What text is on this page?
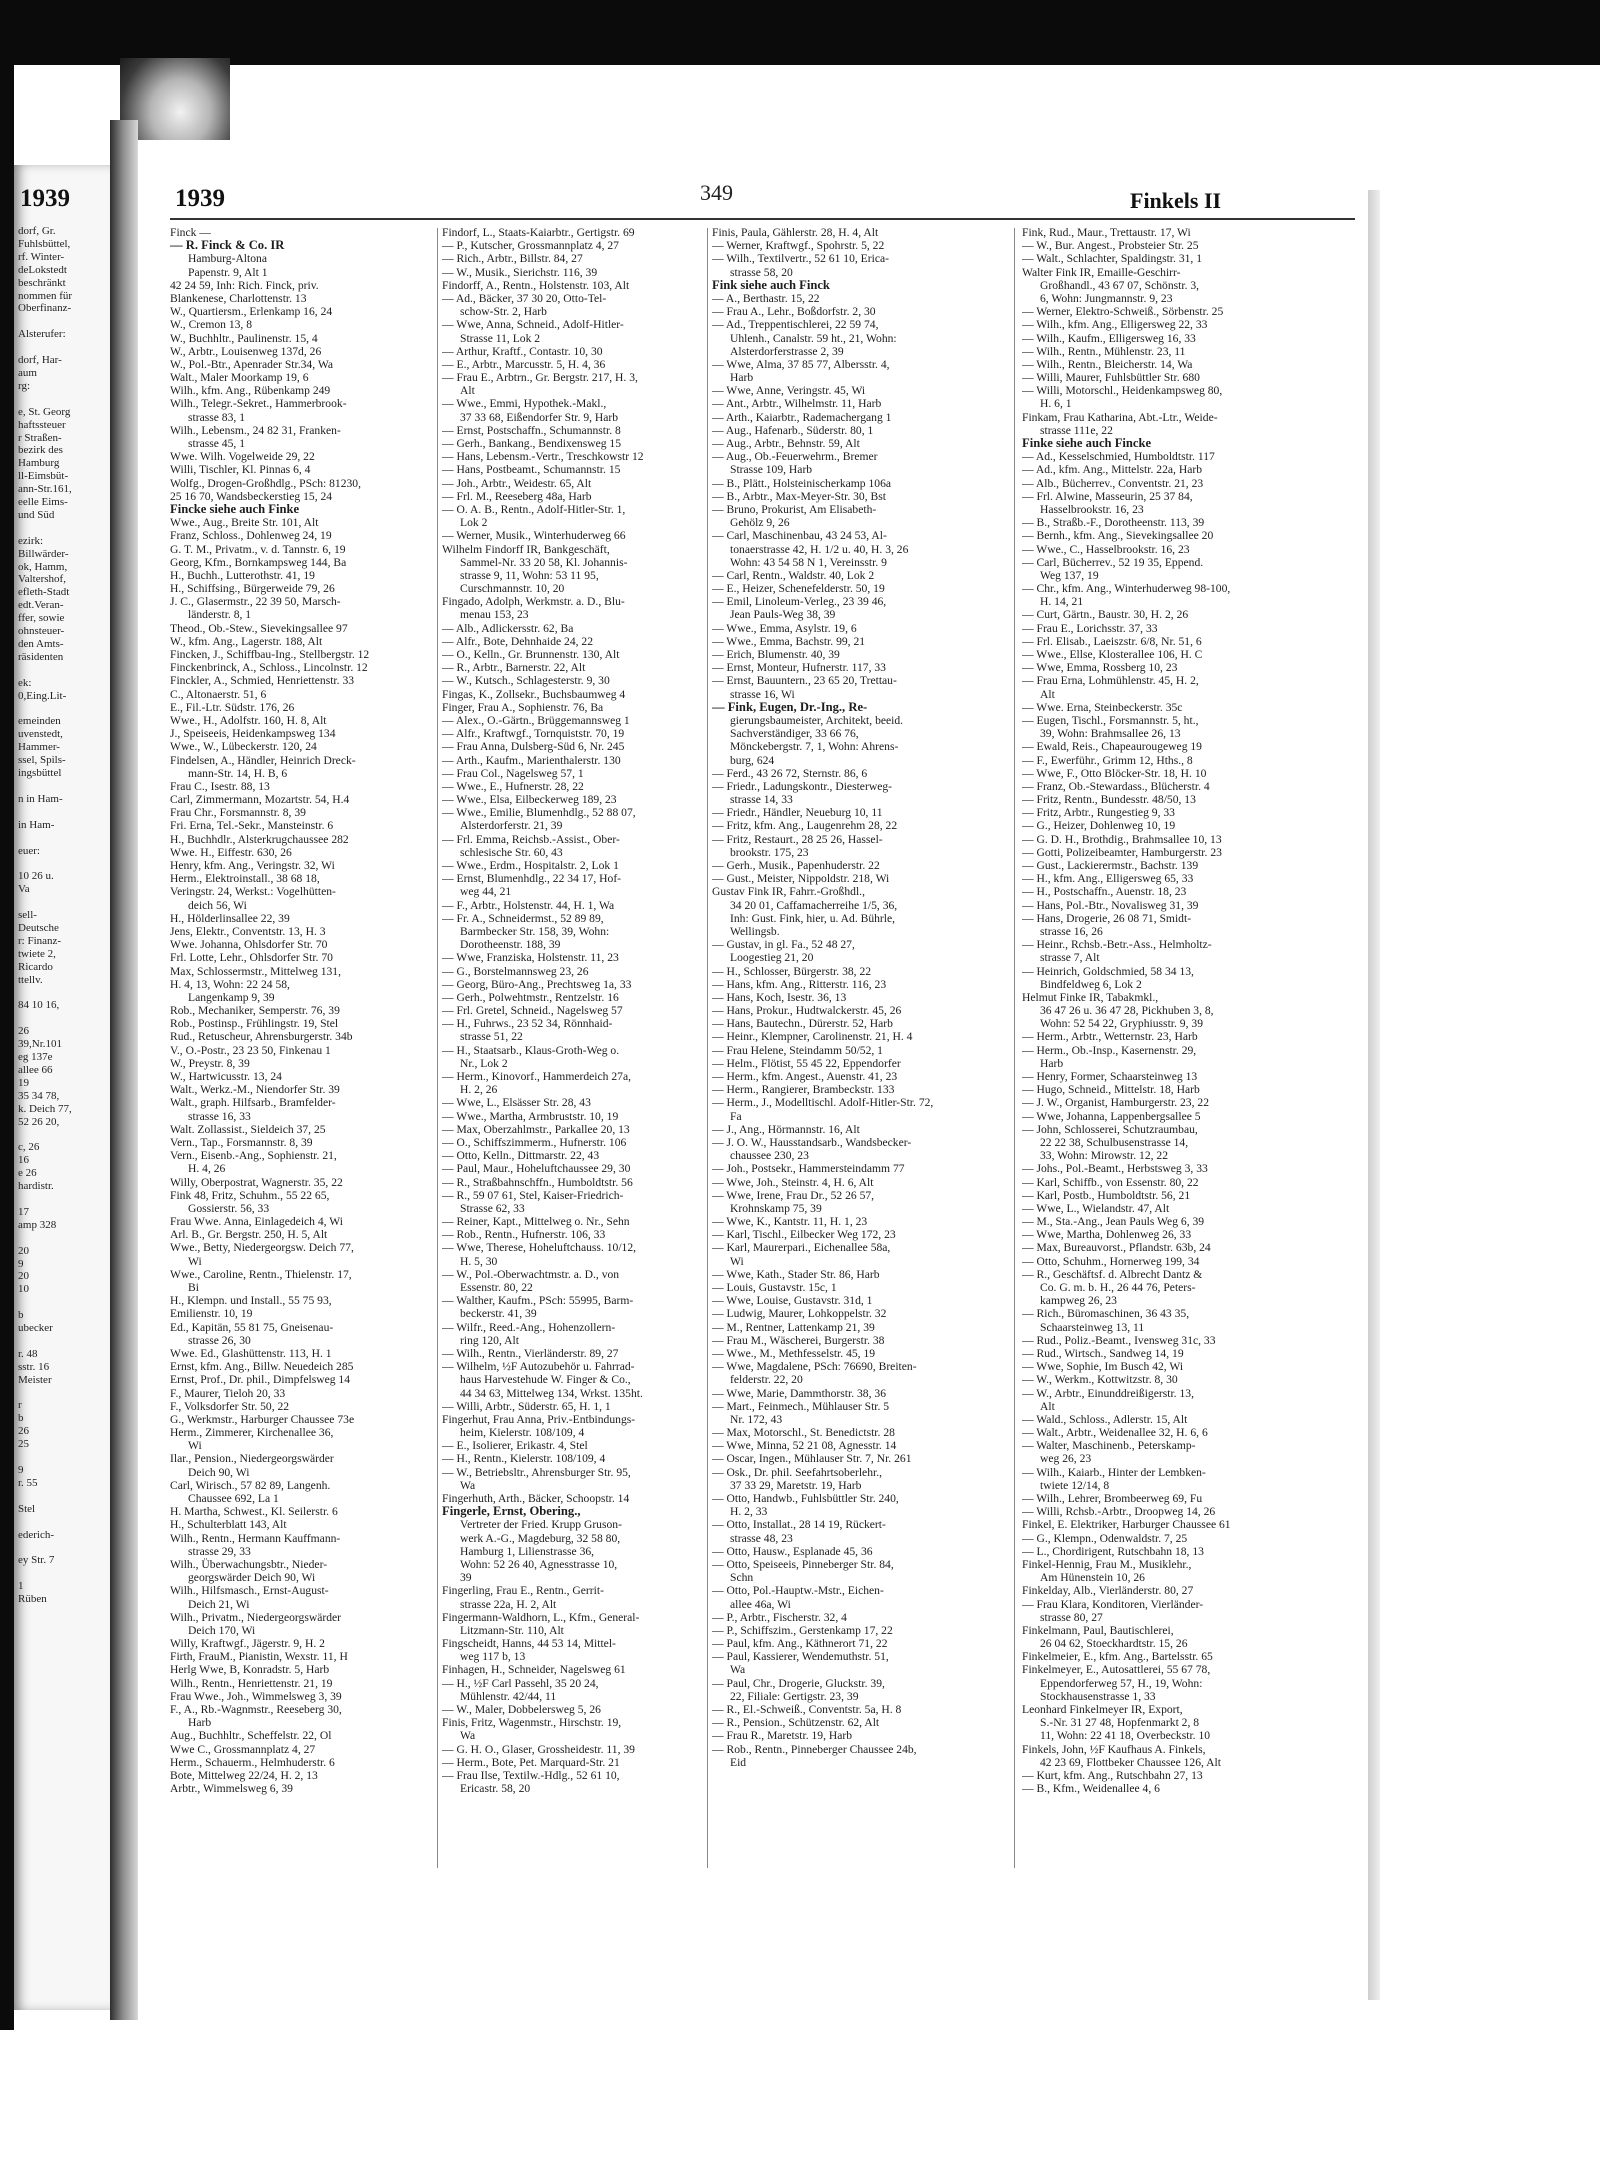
1939
dorf, Gr.
Fuhlsbüttel,
rf. Winter-
deLokstedt
beschränkt
nommen für
Oberfinanz-

Alsterufer:

dorf, Har-
aum
rg:

e, St. Georg
haftssteuer
r Straßen-
bezirk des
Hamburg
ll-Eimsbüt-
ann-Str.161,
eelle Eims-
und Süd

ezirk:
Billwärder-
ok, Hamm,
Valtershof,
efleth-Stadt
edt.Veran-
ffer, sowie
ohnsteuer-
den Amts-
räsidenten

ek:
0,Eing.Lit-

emeinden
uvenstedt,
Hammer-
ssel, Spils-
ingsbüttel

n in Ham-

in Ham-

euer:

10 26 u.
Va

sell-
Deutsche
r: Finanz-
twiete 2,
Ricardo
ttellv.

84 10 16,

26
39,Nr.101
eg 137e
allee 66
19
35 34 78,
k. Deich 77,
52 26 20,

c, 26
16
e 26
hardistr.

17
amp 328

20
9
20
10

b
ubecker

r. 48
sstr. 16
Meister

r
b
26
25

9
r. 55

Stel

ederich-

ey Str. 7

1
Rüben
1939	349	Finkels II
Finck —
— R. Finck & Co. IR
Hamburg-Altona
Papenstr. 9, Alt 1
42 24 59, Inh: Rich. Finck, priv.
Blankenese, Charlottenstr. 13
W., Quartiersm., Erlenkamp 16, 24
W., Cremon 13, 8
W., Buchhltr., Paulinenstr. 15, 4
W., Arbtr., Louisenweg 137d, 26
W., Pol.-Btr., Apenrader Str.34, Wa
Walt., Maler Moorkamp 19, 6
Wilh., kfm. Ang., Rübenkamp 249
Wilh., Telegr.-Sekret., Hammerbrook-
strasse 83, 1
Wilh., Lebensm., 24 82 31, Franken-
strasse 45, 1
Wwe. Wilh. Vogelweide 29, 22
Willi, Tischler, Kl. Pinnas 6, 4
Wolfg., Drogen-Großhdlg., PSch: 81230,
25 16 70, Wandsbeckerstieg 15, 24
Fincke siehe auch Finke
Wwe., Aug., Breite Str. 101, Alt
Franz, Schloss., Dohlenweg 24, 19
G. T. M., Privatm., v. d. Tannstr. 6, 19
Georg, Kfm., Bornkampsweg 144, Ba
H., Buchh., Lutterothstr. 41, 19
H., Schiffsing., Bürgerweide 79, 26
J. C., Glasermstr., 22 39 50, Marsch-
länderstr. 8, 1
Theod., Ob.-Stew., Sievekingsallee 97
W., kfm. Ang., Lagerstr. 188, Alt
Fincken, J., Schiffbau-Ing., Stellbergstr. 12
Finckenbrinck, A., Schloss., Lincolnstr. 12
Finckler, A., Schmied, Henriettenstr. 33
C., Altonaerstr. 51, 6
E., Fil.-Ltr. Südstr. 176, 26
Wwe., H., Adolfstr. 160, H. 8, Alt
J., Speiseeis, Heidenkampsweg 134
Wwe., W., Lübeckerstr. 120, 24
Findelsen, A., Händler, Heinrich Dreck-
mann-Str. 14, H. B, 6
Frau C., Isestr. 88, 13
Carl, Zimmermann, Mozartstr. 54, H.4
Frau Chr., Forsmannstr. 8, 39
Fri. Erna, Tel.-Sekr., Mansteinstr. 6
H., Buchhdlr., Alsterkrugchaussee 282
Wwe. H., Eiffestr. 630, 26
Henry, kfm. Ang., Veringstr. 32, Wi
Herm., Elektroinstall., 38 68 18,
Veringstr. 24, Werkst.: Vogelhütten-
deich 56, Wi
H., Hölderlinsallee 22, 39
Jens, Elektr., Conventstr. 13, H. 3
Wwe. Johanna, Ohlsdorfer Str. 70
Frl. Lotte, Lehr., Ohlsdorfer Str. 70
Max, Schlossermstr., Mittelweg 131,
H. 4, 13, Wohn: 22 24 58,
Langenkamp 9, 39
Rob., Mechaniker, Semperstr. 76, 39
Rob., Postinsp., Frühlingstr. 19, Stel
Rud., Retuscheur, Ahrensburgerstr. 34b
V., O.-Postr., 23 23 50, Finkenau 1
W., Preystr. 8, 39
W., Hartwicusstr. 13, 24
Walt., Werkz.-M., Niendorfer Str. 39
Walt., graph. Hilfsarb., Bramfelder-
strasse 16, 33
Walt. Zollassist., Sieldeich 37, 25
Vern., Tap., Forsmannstr. 8, 39
Vern., Eisenb.-Ang., Sophienstr. 21,
H. 4, 26
Willy, Oberpostrat, Wagnerstr. 35, 22
Fink 48, Fritz, Schuhm., 55 22 65,
Gossierstr. 56, 33
Frau Wwe. Anna, Einlagedeich 4, Wi
Arl. B., Gr. Bergstr. 250, H. 5, Alt
Wwe., Betty, Niedergeorgsw. Deich 77,
Wi
Wwe., Caroline, Rentn., Thielenstr. 17,
Bi
H., Klempn. und Install., 55 75 93,
Emilienstr. 10, 19
Ed., Kapitän, 55 81 75, Gneisenau-
strasse 26, 30
Wwe. Ed., Glashüttenstr. 113, H. 1
Ernst, kfm. Ang., Billw. Neuedeich 285
Ernst, Prof., Dr. phil., Dimpfelsweg 14
F., Maurer, Tieloh 20, 33
F., Volksdorfer Str. 50, 22
G., Werkmstr., Harburger Chaussee 73e
Herm., Zimmerer, Kirchenallee 36,
Wi
Ilar., Pension., Niedergeorgswärder
Deich 90, Wi
Carl, Wirisch., 57 82 89, Langenh.
Chaussee 692, La 1
H. Martha, Schwest., Kl. Seilerstr. 6
H., Schulterblatt 143, Alt
Wilh., Rentn., Hermann Kauffmann-
strasse 29, 33
Wilh., Überwachungsbtr., Nieder-
georgswärder Deich 90, Wi
Wilh., Hilfsmasch., Ernst-August-
Deich 21, Wi
Wilh., Privatm., Niedergeorgswärder
Deich 170, Wi
Willy, Kraftwgf., Jägerstr. 9, H. 2
Firth, FrauM., Pianistin, Wexstr. 11, H
Herlg Wwe, B, Konradstr. 5, Harb
Wilh., Rentn., Henriettenstr. 21, 19
Frau Wwe., Joh., Wimmelsweg 3, 39
F., A., Rb.-Wagnmstr., Reeseberg 30,
Harb
Aug., Buchhltr., Scheffelstr. 22, Ol
Wwe C., Grossmannplatz 4, 27
Herm., Schauerm., Helmhuderstr. 6
Bote, Mittelweg 22/24, H. 2, 13
Arbtr., Wimmelsweg 6, 39
Findorf, L., Staats-Kaiarbtr., Gertigstr. 69
— P., Kutscher, Grossmannplatz 4, 27
— Rich., Arbtr., Billstr. 84, 27
— W., Musik., Sierichstr. 116, 39
Findorff, A., Rentn., Holstenstr. 103, Alt
— Ad., Bäcker, 37 30 20, Otto-Tel-
schow-Str. 2, Harb
— Wwe, Anna, Schneid., Adolf-Hitler-
Strasse 11, Lok 2
— Arthur, Kraftf., Contastr. 10, 30
— E., Arbtr., Marcusstr. 5, H. 4, 36
— Frau E., Arbtrn., Gr. Bergstr. 217, H. 3,
Alt
— Wwe., Emmi, Hypothek.-Makl.,
37 33 68, Eißendorfer Str. 9, Harb
— Ernst, Postschaffn., Schumannstr. 8
— Gerh., Bankang., Bendixensweg 15
— Hans, Lebensm.-Vertr., Treschkowstr 12
— Hans, Postbeamt., Schumannstr. 15
— Joh., Arbtr., Weidestr. 65, Alt
— Frl. M., Reeseberg 48a, Harb
— O. A. B., Rentn., Adolf-Hitler-Str. 1,
Lok 2
— Werner, Musik., Winterhuderweg 66
Wilhelm Findorff IR, Bankgeschäft,
Sammel-Nr. 33 20 58, Kl. Johannis-
strasse 9, 11, Wohn: 53 11 95,
Curschmannstr. 10, 20
Fingado, Adolph, Werkmstr. a. D., Blu-
menau 153, 23
— Alb., Adlickersstr. 62, Ba
— Alfr., Bote, Dehnhaide 24, 22
— O., Kelln., Gr. Brunnenstr. 130, Alt
— R., Arbtr., Barnerstr. 22, Alt
— W., Kutsch., Schlagesterstr. 9, 30
Fingas, K., Zollsekr., Buchsbaumweg 4
Finger, Frau A., Sophienstr. 76, Ba
— Alex., O.-Gärtn., Brüggemannsweg 1
— Alfr., Kraftwgf., Tornquiststr. 70, 19
— Frau Anna, Dulsberg-Süd 6, Nr. 245
— Arth., Kaufm., Marienthalerstr. 130
— Frau Col., Nagelsweg 57, 1
— Wwe., E., Hufnerstr. 28, 22
— Wwe., Elsa, Eilbeckerweg 189, 23
— Wwe., Emilie, Blumenhdlg., 52 88 07,
Alsterdorferstr. 21, 39
— Frl. Emma, Reichsb.-Assist., Ober-
schlesische Str. 60, 43
— Wwe., Erdm., Hospitalstr. 2, Lok 1
— Ernst, Blumenhdlg., 22 34 17, Hof-
weg 44, 21
— F., Arbtr., Holstenstr. 44, H. 1, Wa
— Fr. A., Schneidermst., 52 89 89,
Barmbecker Str. 158, 39, Wohn:
Dorotheenstr. 188, 39
— Wwe, Franziska, Holstenstr. 11, 23
— G., Borstelmannsweg 23, 26
— Georg, Büro-Ang., Prechtsweg 1a, 33
— Gerh., Polwehtmstr., Rentzelstr. 16
— Frl. Gretel, Schneid., Nagelsweg 57
— H., Fuhrws., 23 52 34, Rönnhaid-
strasse 51, 22
— H., Staatsarb., Klaus-Groth-Weg o.
Nr., Lok 2
— Herm., Kinovorf., Hammerdeich 27a,
H. 2, 26
— Wwe, L., Elsässer Str. 28, 43
— Wwe., Martha, Armbruststr. 10, 19
— Max, Oberzahlmstr., Parkallee 20, 13
— O., Schiffszimmerm., Hufnerstr. 106
— Otto, Kelln., Dittmarstr. 22, 43
— Paul, Maur., Hoheluftchaussee 29, 30
— R., Straßbahnschffn., Humboldtstr. 56
— R., 59 07 61, Stel, Kaiser-Friedrich-
Strasse 62, 33
— Reiner, Kapt., Mittelweg o. Nr., Sehn
— Rob., Rentn., Hufnerstr. 106, 33
— Wwe, Therese, Hoheluftchauss. 10/12,
H. 5, 30
— W., Pol.-Oberwachtmstr. a. D., von
Essenstr. 80, 22
— Walther, Kaufm., PSch: 55995, Barm-
beckerstr. 41, 39
— Wilfr., Reed.-Ang., Hohenzollern-
ring 120, Alt
— Wilh., Rentn., Vierländerstr. 89, 27
— Wilhelm, ½F Autozubehör u. Fahrrad-
haus Harvestehude W. Finger & Co.,
44 34 63, Mittelweg 134, Wrkst. 135ht.
— Willi, Arbtr., Süderstr. 65, H. 1, 1
Fingerhut, Frau Anna, Priv.-Entbindungs-
heim, Kielerstr. 108/109, 4
— E., Isolierer, Erikastr. 4, Stel
— H., Rentn., Kielerstr. 108/109, 4
— W., Betriebsltr., Ahrensburger Str. 95,
Wa
Fingerhuth, Arth., Bäcker, Schoopstr. 14
Fingerle, Ernst, Obering.,
Vertreter der Fried. Krupp Gruson-
werk A.-G., Magdeburg, 32 58 80,
Hamburg 1, Lilienstrasse 36,
Wohn: 52 26 40, Agnesstrasse 10,
39
Fingerling, Frau E., Rentn., Gerrit-
strasse 22a, H. 2, Alt
Fingermann-Waldhorn, L., Kfm., General-
Litzmann-Str. 110, Alt
Fingscheidt, Hanns, 44 53 14, Mittel-
weg 117 b, 13
Finhagen, H., Schneider, Nagelsweg 61
— H., ½F Carl Passehl, 35 20 24,
Mühlenstr. 42/44, 11
— W., Maler, Dobbelersweg 5, 26
Finis, Fritz, Wagenmstr., Hirschstr. 19,
Wa
— G. H. O., Glaser, Grossheidestr. 11, 39
— Herm., Bote, Pet. Marquard-Str. 21
— Frau Ilse, Textilw.-Hdlg., 52 61 10,
Ericastr. 58, 20
Finis, Paula, Gählerstr. 28, H. 4, Alt
— Werner, Kraftwgf., Spohrstr. 5, 22
— Wilh., Textilvertr., 52 61 10, Erica-
strasse 58, 20
Fink siehe auch Finck
— A., Berthastr. 15, 22
— Frau A., Lehr., Boßdorfstr. 2, 30
— Ad., Treppentischlerei, 22 59 74,
Uhlenh., Canalstr. 59 ht., 21, Wohn:
Alsterdorferstrasse 2, 39
— Wwe, Alma, 37 85 77, Albersstr. 4,
Harb
— Wwe, Anne, Veringstr. 45, Wi
— Ant., Arbtr., Wilhelmstr. 11, Harb
— Arth., Kaiarbtr., Rademachergang 1
— Aug., Hafenarb., Süderstr. 80, 1
— Aug., Arbtr., Behnstr. 59, Alt
— Aug., Ob.-Feuerwehrm., Bremer
Strasse 109, Harb
— B., Plätt., Holsteinischerkamp 106a
— B., Arbtr., Max-Meyer-Str. 30, Bst
— Bruno, Prokurist, Am Elisabeth-
Gehölz 9, 26
— Carl, Maschinenbau, 43 24 53, Al-
tonaerstrasse 42, H. 1/2 u. 40, H. 3, 26
Wohn: 43 54 58 N 1, Vereinsstr. 9
— Carl, Rentn., Waldstr. 40, Lok 2
— E., Heizer, Schenefelderstr. 50, 19
— Emil, Linoleum-Verleg., 23 39 46,
Jean Pauls-Weg 38, 39
— Wwe., Emma, Asylstr. 19, 6
— Wwe., Emma, Bachstr. 99, 21
— Erich, Blumenstr. 40, 39
— Ernst, Monteur, Hufnerstr. 117, 33
— Ernst, Bauuntern., 23 65 20, Trettau-
strasse 16, Wi
— Fink, Eugen, Dr.-Ing., Re-
gierungsbaumeister, Architekt, beeid.
Sachverständiger, 33 66 76,
Mönckebergstr. 7, 1, Wohn: Ahrens-
burg, 624
— Ferd., 43 26 72, Sternstr. 86, 6
— Friedr., Ladungskontr., Diesterweg-
strasse 14, 33
— Friedr., Händler, Neueburg 10, 11
— Fritz, kfm. Ang., Laugenrehm 28, 22
— Fritz, Restaurt., 28 25 26, Hassel-
brookstr. 175, 23
— Gerh., Musik., Papenhuderstr. 22
— Gust., Meister, Nippoldstr. 218, Wi
Gustav Fink IR, Fahrr.-Großhdl.,
34 20 01, Caffamacherreihe 1/5, 36,
Inh: Gust. Fink, hier, u. Ad. Bührle,
Wellingsb.
— Gustav, in gl. Fa., 52 48 27,
Loogestieg 21, 20
— H., Schlosser, Bürgerstr. 38, 22
— Hans, kfm. Ang., Ritterstr. 116, 23
— Hans, Koch, Isestr. 36, 13
— Hans, Prokur., Hudtwalckerstr. 45, 26
— Hans, Bautechn., Dürerstr. 52, Harb
— Heinr., Klempner, Carolinenstr. 21, H. 4
— Frau Helene, Steindamm 50/52, 1
— Helm., Flötist, 55 45 22, Eppendorfer
— Herm., kfm. Angest., Auenstr. 41, 23
— Herm., Rangierer, Brambeckstr. 133
— Herm., J., Modelltischl. Adolf-Hitler-Str. 72,
Fa
— J., Ang., Hörmannstr. 16, Alt
— J. O. W., Hausstandsarb., Wandsbecker-
chaussee 230, 23
— Joh., Postsekr., Hammersteindamm 77
— Wwe, Joh., Steinstr. 4, H. 6, Alt
— Wwe, Irene, Frau Dr., 52 26 57,
Krohnskamp 75, 39
— Wwe, K., Kantstr. 11, H. 1, 23
— Karl, Tischl., Eilbecker Weg 172, 23
— Karl, Maurerpari., Eichenallee 58a,
Wi
— Wwe, Kath., Stader Str. 86, Harb
— Louis, Gustavstr. 15c, 1
— Wwe, Louise, Gustavstr. 31d, 1
— Ludwig, Maurer, Lohkoppelstr. 32
— M., Rentner, Lattenkamp 21, 39
— Frau M., Wäscherei, Burgerstr. 38
— Wwe., M., Methfesselstr. 45, 19
— Wwe, Magdalene, PSch: 76690, Breiten-
felderstr. 22, 20
— Wwe, Marie, Dammthorstr. 38, 36
— Mart., Feinmech., Mühlauser Str. 5
Nr. 172, 43
— Max, Motorschl., St. Benedictstr. 28
— Wwe, Minna, 52 21 08, Agnesstr. 14
— Oscar, Ingen., Mühlauser Str. 7, Nr. 261
— Osk., Dr. phil. Seefahrtsoberlehr.,
37 33 29, Maretstr. 19, Harb
— Otto, Handwb., Fuhlsbüttler Str. 240,
H. 2, 33
— Otto, Installat., 28 14 19, Rückert-
strasse 48, 23
— Otto, Hausw., Esplanade 45, 36
— Otto, Speiseeis, Pinneberger Str. 84,
Schn
— Otto, Pol.-Hauptw.-Mstr., Eichen-
allee 46a, Wi
— P., Arbtr., Fischerstr. 32, 4
— P., Schiffszim., Gerstenkamp 17, 22
— Paul, kfm. Ang., Käthnerort 71, 22
— Paul, Kassierer, Wendemuthstr. 51,
Wa
— Paul, Chr., Drogerie, Gluckstr. 39,
22, Filiale: Gertigstr. 23, 39
— R., El.-Schweiß., Conventstr. 5a, H. 8
— R., Pension., Schützenstr. 62, Alt
— Frau R., Maretstr. 19, Harb
— Rob., Rentn., Pinneberger Chaussee 24b,
Eid
Fink, Rud., Maur., Trettaustr. 17, Wi
— W., Bur. Angest., Probsteier Str. 25
— Walt., Schlachter, Spaldingstr. 31, 1
Walter Fink IR, Emaille-Geschirr-
Großhandl., 43 67 07, Schönstr. 3,
6, Wohn: Jungmannstr. 9, 23
— Werner, Elektro-Schweiß., Sörbenstr. 25
— Wilh., kfm. Ang., Elligersweg 22, 33
— Wilh., Kaufm., Elligersweg 16, 33
— Wilh., Rentn., Mühlenstr. 23, 11
— Wilh., Rentn., Bleicherstr. 14, Wa
— Willi, Maurer, Fuhlsbüttler Str. 680
— Willi, Motorschl., Heidenkampsweg 80,
H. 6, 1
Finkam, Frau Katharina, Abt.-Ltr., Weide-
strasse 111e, 22
Finke siehe auch Fincke
— Ad., Kesselschmied, Humboldtstr. 117
— Ad., kfm. Ang., Mittelstr. 22a, Harb
— Alb., Bücherrev., Conventstr. 21, 23
— Frl. Alwine, Masseurin, 25 37 84,
Hasselbrookstr. 16, 23
— B., Straßb.-F., Dorotheenstr. 113, 39
— Bernh., kfm. Ang., Sievekingsallee 20
— Wwe., C., Hasselbrookstr. 16, 23
— Carl, Bücherrev., 52 19 35, Eppend.
Weg 137, 19
— Chr., kfm. Ang., Winterhuderweg 98-100,
H. 14, 21
— Curt, Gärtn., Baustr. 30, H. 2, 26
— Frau E., Lorichsstr. 37, 33
— Frl. Elisab., Laeiszstr. 6/8, Nr. 51, 6
— Wwe., Ellse, Klosterallee 106, H. C
— Wwe, Emma, Rossberg 10, 23
— Frau Erna, Lohmühlenstr. 45, H. 2,
Alt
— Wwe. Erna, Steinbeckerstr. 35c
— Eugen, Tischl., Forsmannstr. 5, ht.,
39, Wohn: Brahmsallee 26, 13
— Ewald, Reis., Chapeaurougeweg 19
— F., Ewerführ., Grimm 12, Hths., 8
— Wwe, F., Otto Blöcker-Str. 18, H. 10
— Franz, Ob.-Stewardass., Blücherstr. 4
— Fritz, Rentn., Bundesstr. 48/50, 13
— Fritz, Arbtr., Rungestieg 9, 33
— G., Heizer, Dohlenweg 10, 19
— G. D. H., Brothdig., Brahmsallee 10, 13
— Gotti, Polizeibeamter, Hamburgerstr. 23
— Gust., Lackierermstr., Bachstr. 139
— H., kfm. Ang., Elligersweg 65, 33
— H., Postschaffn., Auenstr. 18, 23
— Hans, Pol.-Btr., Novalisweg 31, 39
— Hans, Drogerie, 26 08 71, Smidt-
strasse 16, 26
— Heinr., Rchsb.-Betr.-Ass., Helmholtz-
strasse 7, Alt
— Heinrich, Goldschmied, 58 34 13,
Bindfeldweg 6, Lok 2
Helmut Finke IR, Tabakmkl.,
36 47 26 u. 36 47 28, Pickhuben 3, 8,
Wohn: 52 54 22, Gryphiusstr. 9, 39
— Herm., Arbtr., Wetternstr. 23, Harb
— Herm., Ob.-Insp., Kasernenstr. 29,
Harb
— Henry, Former, Schaarsteinweg 13
— Hugo, Schneid., Mittelstr. 18, Harb
— J. W., Organist, Hamburgerstr. 23, 22
— Wwe, Johanna, Lappenbergsallee 5
— John, Schlosserei, Schutzraumbau,
22 22 38, Schulbusenstrasse 14,
33, Wohn: Mirowstr. 12, 22
— Johs., Pol.-Beamt., Herbstsweg 3, 33
— Karl, Schiffb., von Essenstr. 80, 22
— Karl, Postb., Humboldtstr. 56, 21
— Wwe, L., Wielandstr. 47, Alt
— M., Sta.-Ang., Jean Pauls Weg 6, 39
— Wwe, Martha, Dohlenweg 26, 33
— Max, Bureauvorst., Pflandstr. 63b, 24
— Otto, Schuhm., Hornerweg 199, 34
— R., Geschäftsf. d. Albrecht Dantz &
Co. G. m. b. H., 26 44 76, Peters-
kampweg 26, 23
— Rich., Büromaschinen, 36 43 35,
Schaarsteinweg 13, 11
— Rud., Poliz.-Beamt., Ivensweg 31c, 33
— Rud., Wirtsch., Sandweg 14, 19
— Wwe, Sophie, Im Busch 42, Wi
— W., Werkm., Kottwitzstr. 8, 30
— W., Arbtr., Einunddreißigerstr. 13,
Alt
— Wald., Schloss., Adlerstr. 15, Alt
— Walt., Arbtr., Weidenallee 32, H. 6, 6
— Walter, Maschinenb., Peterskamp-
weg 26, 23
— Wilh., Kaiarb., Hinter der Lembken-
twiete 12/14, 8
— Wilh., Lehrer, Brombeerweg 69, Fu
— Willi, Rchsb.-Arbtr., Droopweg 14, 26
Finkel, E. Elektriker, Harburger Chaussee 61
— G., Klempn., Odenwaldstr. 7, 25
— L., Chordirigent, Rutschbahn 18, 13
Finkel-Hennig, Frau M., Musiklehr.,
Am Hünenstein 10, 26
Finkelday, Alb., Vierländerstr. 80, 27
— Frau Klara, Konditoren, Vierländer-
strasse 80, 27
Finkelmann, Paul, Bautischlerei,
26 04 62, Stoeckhardtstr. 15, 26
Finkelmeier, E., kfm. Ang., Bartelsstr. 65
Finkelmeyer, E., Autosattlerei, 55 67 78,
Eppendorferweg 57, H., 19, Wohn:
Stockhausenstrasse 1, 33
Leonhard Finkelmeyer IR, Export,
S.-Nr. 31 27 48, Hopfenmarkt 2, 8
11, Wohn: 22 41 18, Overbeckstr. 10
Finkels, John, ½F Kaufhaus A. Finkels,
42 23 69, Flottbeker Chaussee 126, Alt
— Kurt, kfm. Ang., Rutschbahn 27, 13
— B., Kfm., Weidenallee 4, 6
